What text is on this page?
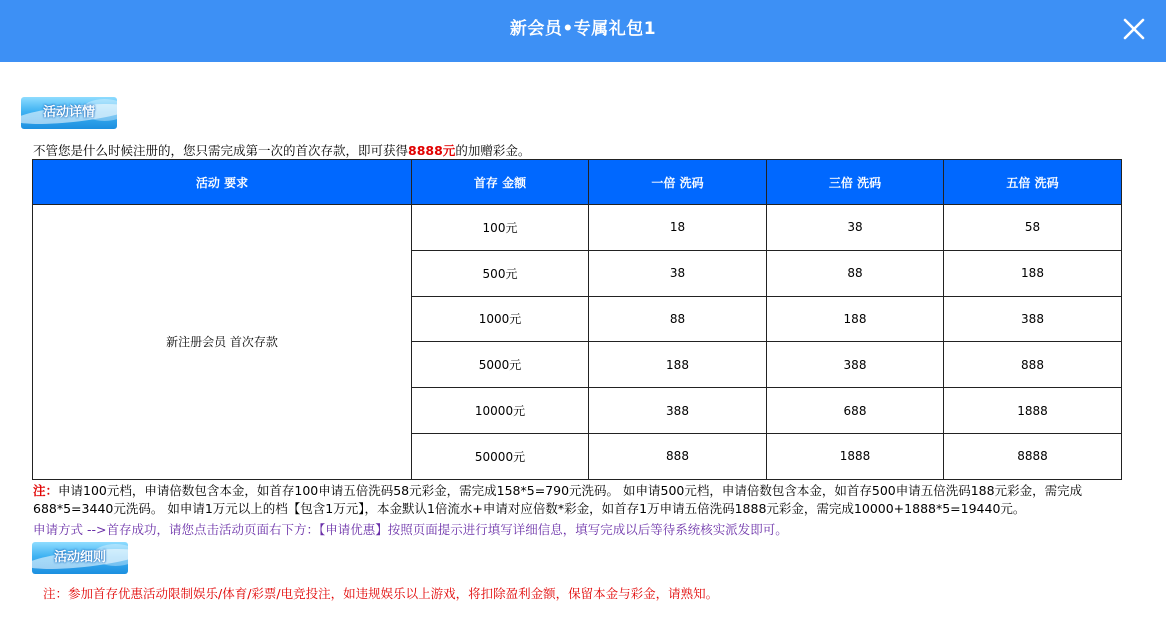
新会员•专属礼包1
活动详情
不管您是什么时候注册的，您只需完成第一次的首次存款，即可获得8888元的加赠彩金。
活动 要求	首存 金额	一倍 洗码	三倍 洗码	五倍 洗码
新注册会员 首次存款	100元	18	38	58
	500元	38	88	188
	1000元	88	188	388
	5000元	188	388	888
	10000元	388	688	1888
	50000元	888	1888	8888
注：申请100元档，申请倍数包含本金，如首存100申请五倍洗码58元彩金，需完成158*5=790元洗码。 如申请500元档，申请倍数包含本金，如首存500申请五倍洗码188元彩金，需完成688*5=3440元洗码。 如申请1万元以上的档【包含1万元】，本金默认1倍流水+申请对应倍数*彩金，如首存1万申请五倍洗码1888元彩金，需完成10000+1888*5=19440元。
申请方式 -->首存成功，请您点击活动页面右下方：【申请优惠】按照页面提示进行填写详细信息，填写完成以后等待系统核实派发即可。
活动细则
注：参加首存优惠活动限制娱乐/体育/彩票/电竞投注，如违规娱乐以上游戏，将扣除盈利金额，保留本金与彩金，请熟知。
